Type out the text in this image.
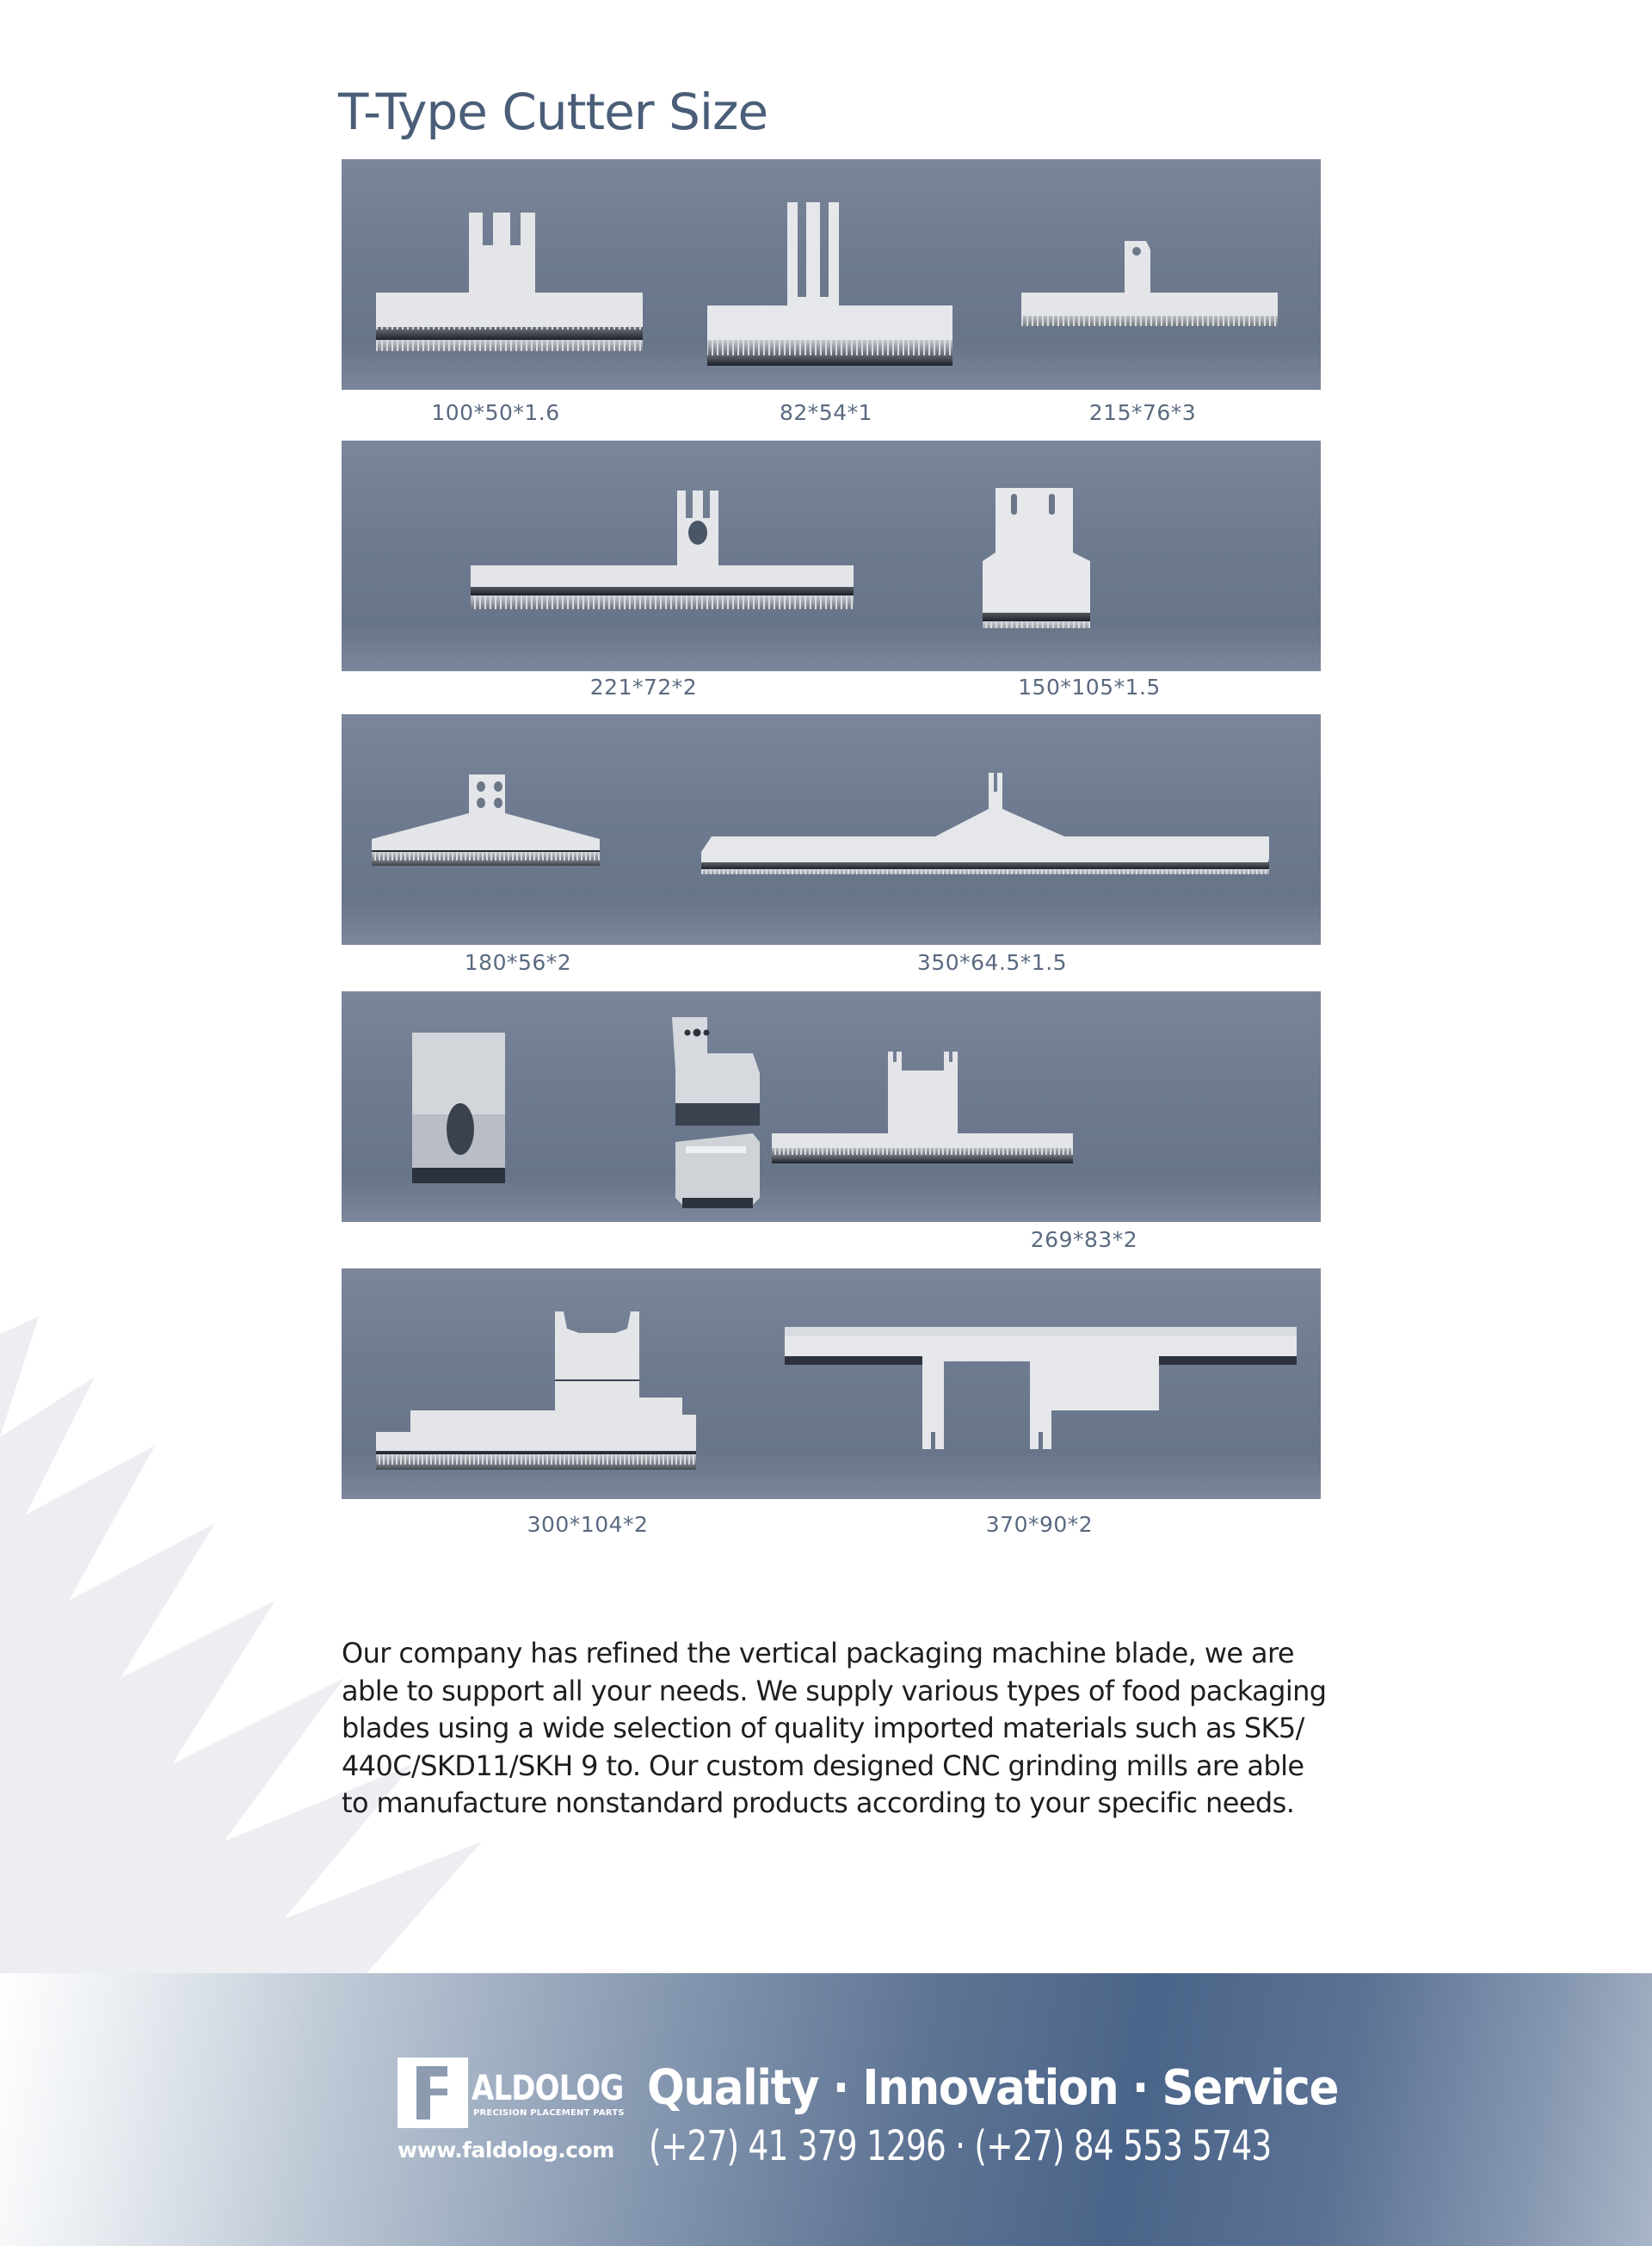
T-Type Cutter Size
100*50*1.6	82*54*1	215*76*3
221*72*2	150*105*1.5
180*56*2	350*64.5*1.5
269*83*2
300*104*2	370*90*2
Our company has refined the vertical packaging machine blade, we are
able to support all your needs. We supply various types of food packaging
blades using a wide selection of quality imported materials such as SK5/
440C/SKD11/SKH 9 to. Our custom designed CNC grinding mills are able
to manufacture nonstandard products according to your specific needs.
ALDOLOG
PRECISION PLACEMENT PARTS
www.faldolog.com
Quality · Innovation · Service
(+27) 41 379 1296 · (+27) 84 553 5743
